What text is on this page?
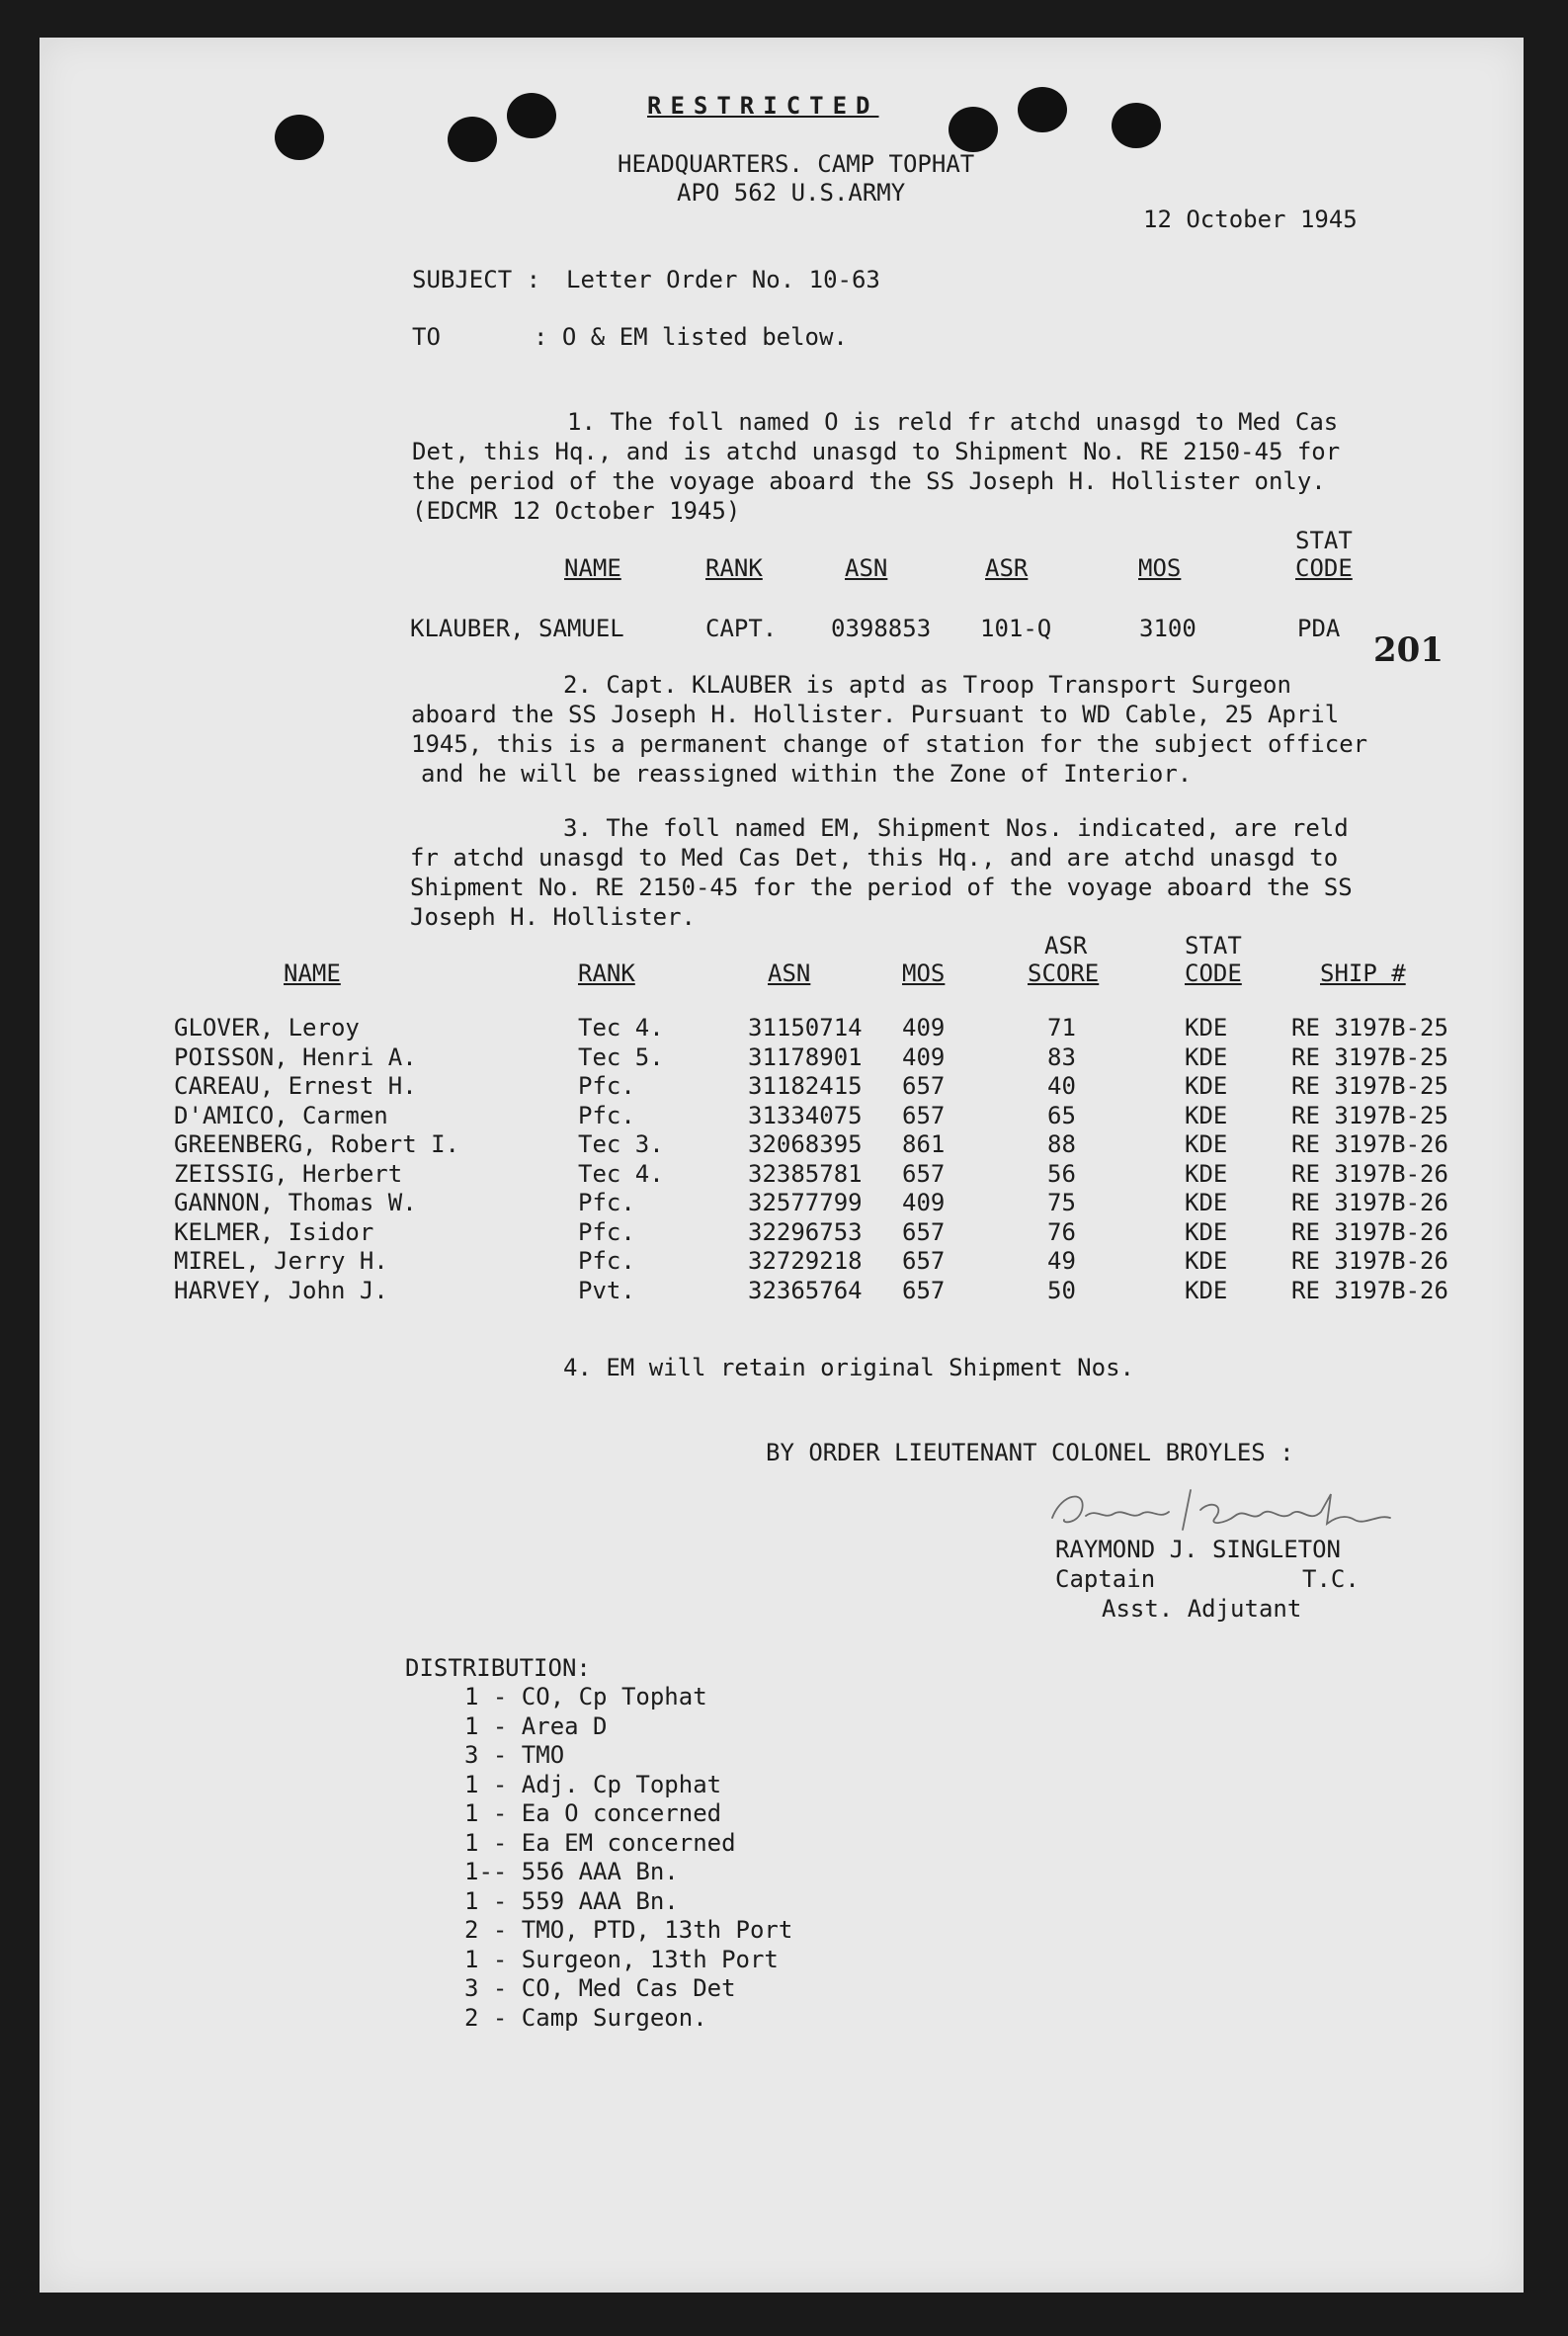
RESTRICTED
HEADQUARTERS. CAMP TOPHAT
APO 562 U.S.ARMY
12 October 1945
SUBJECT : Letter Order No. 10-63
TO	: O & EM listed below.
1. The foll named O is reld fr atchd unasgd to Med Cas
Det, this Hq., and is atchd unasgd to Shipment No. RE 2150-45 for
the period of the voyage aboard the SS Joseph H. Hollister only.
(EDCMR 12 October 1945)
NAME	RANK	ASN	ASR	MOS
STAT
CODE
KLAUBER, SAMUEL	CAPT. 0398853 101-Q	3100	PDA
201
2. Capt. KLAUBER is aptd as Troop Transport Surgeon
aboard the SS Joseph H. Hollister. Pursuant to WD Cable, 25 April
1945, this is a permanent change of station for the subject officer
and he will be reassigned within the Zone of Interior.
3. The foll named EM, Shipment Nos. indicated, are reld
fr atchd unasgd to Med Cas Det, this Hq., and are atchd unasgd to
Shipment No. RE 2150-45 for the period of the voyage aboard the SS
Joseph H. Hollister.
NAME	RANK	ASN	MOS
ASR
SCORE
STAT
CODE	SHIP #
GLOVER, Leroy	Tec 4.	31150714 409	71	KDE	RE 3197B-25
POISSON, Henri A.	Tec 5.	31178901 409	83	KDE	RE 3197B-25
CAREAU, Ernest H.	Pfc.	31182415 657	40	KDE	RE 3197B-25
D'AMICO, Carmen	Pfc.	31334075 657	65	KDE	RE 3197B-25
GREENBERG, Robert I.	Tec 3.	32068395 861	88	KDE	RE 3197B-26
ZEISSIG, Herbert	Tec 4.	32385781 657	56	KDE	RE 3197B-26
GANNON, Thomas W.	Pfc.	32577799 409	75	KDE	RE 3197B-26
KELMER, Isidor	Pfc.	32296753 657	76	KDE	RE 3197B-26
MIREL, Jerry H.	Pfc.	32729218 657	49	KDE	RE 3197B-26
HARVEY, John J.	Pvt.	32365764 657	50	KDE	RE 3197B-26
4. EM will retain original Shipment Nos.
BY ORDER LIEUTENANT COLONEL BROYLES :
RAYMOND J. SINGLETON
Captain	T.C.
Asst. Adjutant
DISTRIBUTION:
1 - CO, Cp Tophat
1 - Area D
3 - TMO
1 - Adj. Cp Tophat
1 - Ea O concerned
1 - Ea EM concerned
1-- 556 AAA Bn.
1 - 559 AAA Bn.
2 - TMO, PTD, 13th Port
1 - Surgeon, 13th Port
3 - CO, Med Cas Det
2 - Camp Surgeon.
